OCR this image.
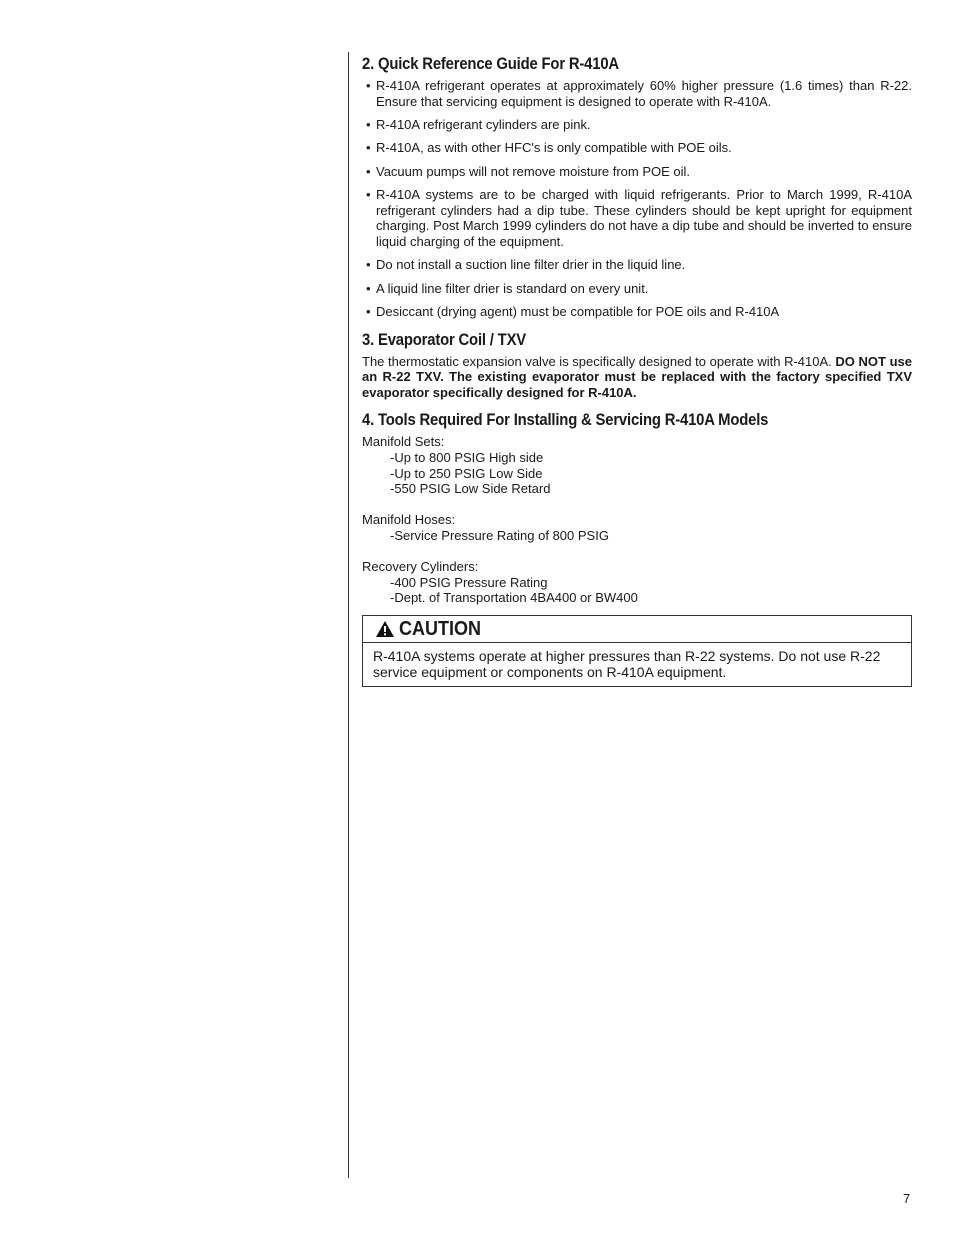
2. Quick Reference Guide For R-410A
• R-410A refrigerant operates at approximately 60% higher pressure (1.6 times) than R-22. Ensure that servicing equipment is designed to operate with R-410A.
• R-410A refrigerant cylinders are pink.
• R-410A, as with other HFC's is only compatible with POE oils.
• Vacuum pumps will not remove moisture from POE oil.
• R-410A systems are to be charged with liquid refrigerants. Prior to March 1999, R-410A refrigerant cylinders had a dip tube. These cylinders should be kept upright for equipment charging. Post March 1999 cylinders do not have a dip tube and should be inverted to ensure liquid charging of the equipment.
• Do not install a suction line filter drier in the liquid line.
• A liquid line filter drier is standard on every unit.
• Desiccant (drying agent) must be compatible for POE oils and R-410A
3. Evaporator Coil / TXV

The thermostatic expansion valve is specifically designed to operate with R-410A. DO NOT use an R-22 TXV. The existing evaporator must be replaced with the factory specified TXV evaporator specifically designed for R-410A.

4. Tools Required For Installing & Servicing R-410A Models
Manifold Sets:
-Up to 800 PSIG High side
-Up to 250 PSIG Low Side
-550 PSIG Low Side Retard
Manifold Hoses:
-Service Pressure Rating of 800 PSIG
Recovery Cylinders:
-400 PSIG Pressure Rating
-Dept. of Transportation 4BA400 or BW400
CAUTION
R-410A systems operate at higher pressures than R-22 systems. Do not use R-22 service equipment or components on R-410A equipment.
7
